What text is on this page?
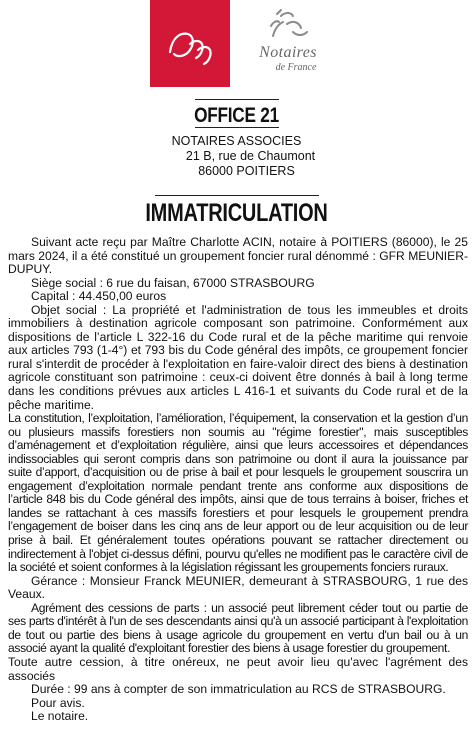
Notaires
de France
OFFICE 21
NOTAIRES ASSOCIES
21 B, rue de Chaumont
86000 POITIERS
IMMATRICULATION

Suivant acte reçu par Maître Charlotte ACIN, notaire à POITIERS (86000), le 25 mars 2024, il a été constitué un groupement foncier rural dénommé : GFR MEUNIER-DUPUY.

Siège social : 6 rue du faisan, 67000 STRASBOURG

Capital : 44.450,00 euros

Objet social : La propriété et l'administration de tous les immeubles et droits immobiliers à destination agricole composant son patrimoine. Conformément aux dispositions de l’article L 322-16 du Code rural et de la pêche maritime qui renvoie aux articles 793 (1-4°) et 793 bis du Code général des impôts, ce groupement foncier rural s'interdit de procéder à l'exploitation en faire-valoir direct des biens à destination agricole constituant son patrimoine : ceux-ci doivent être donnés à bail à long terme dans les conditions prévues aux articles L 416-1 et suivants du Code rural et de la pêche maritime.

La constitution, l’exploitation, l’amélioration, l’équipement, la conservation et la gestion d’un ou plusieurs massifs forestiers non soumis au "régime forestier", mais susceptibles d’aménagement et d’exploitation régulière, ainsi que leurs accessoires et dépendances indissociables qui seront compris dans son patrimoine ou dont il aura la jouissance par suite d’apport, d’acquisition ou de prise à bail et pour lesquels le groupement souscrira un engagement d’exploitation normale pendant trente ans conforme aux dispositions de l’article 848 bis du Code général des impôts, ainsi que de tous terrains à boiser, friches et landes se rattachant à ces massifs forestiers et pour lesquels le groupement prendra l’engagement de boiser dans les cinq ans de leur apport ou de leur acquisition ou de leur prise à bail. Et généralement toutes opérations pouvant se rattacher directement ou indirectement à l'objet ci-dessus défini, pourvu qu'elles ne modifient pas le caractère civil de la société et soient conformes à la législation régissant les groupements fonciers ruraux.

Gérance : Monsieur Franck MEUNIER, demeurant à STRASBOURG, 1 rue des Veaux.

Agrément des cessions de parts : un associé peut librement céder tout ou partie de ses parts d'intérêt à l'un de ses descendants ainsi qu'à un associé participant à l'exploitation de tout ou partie des biens à usage agricole du groupement en vertu d'un bail ou à un associé ayant la qualité d'exploitant forestier des biens à usage forestier du groupement.

Toute autre cession, à titre onéreux, ne peut avoir lieu qu'avec l'agrément des associés

Durée : 99 ans à compter de son immatriculation au RCS de STRASBOURG.

Pour avis.

Le notaire.
